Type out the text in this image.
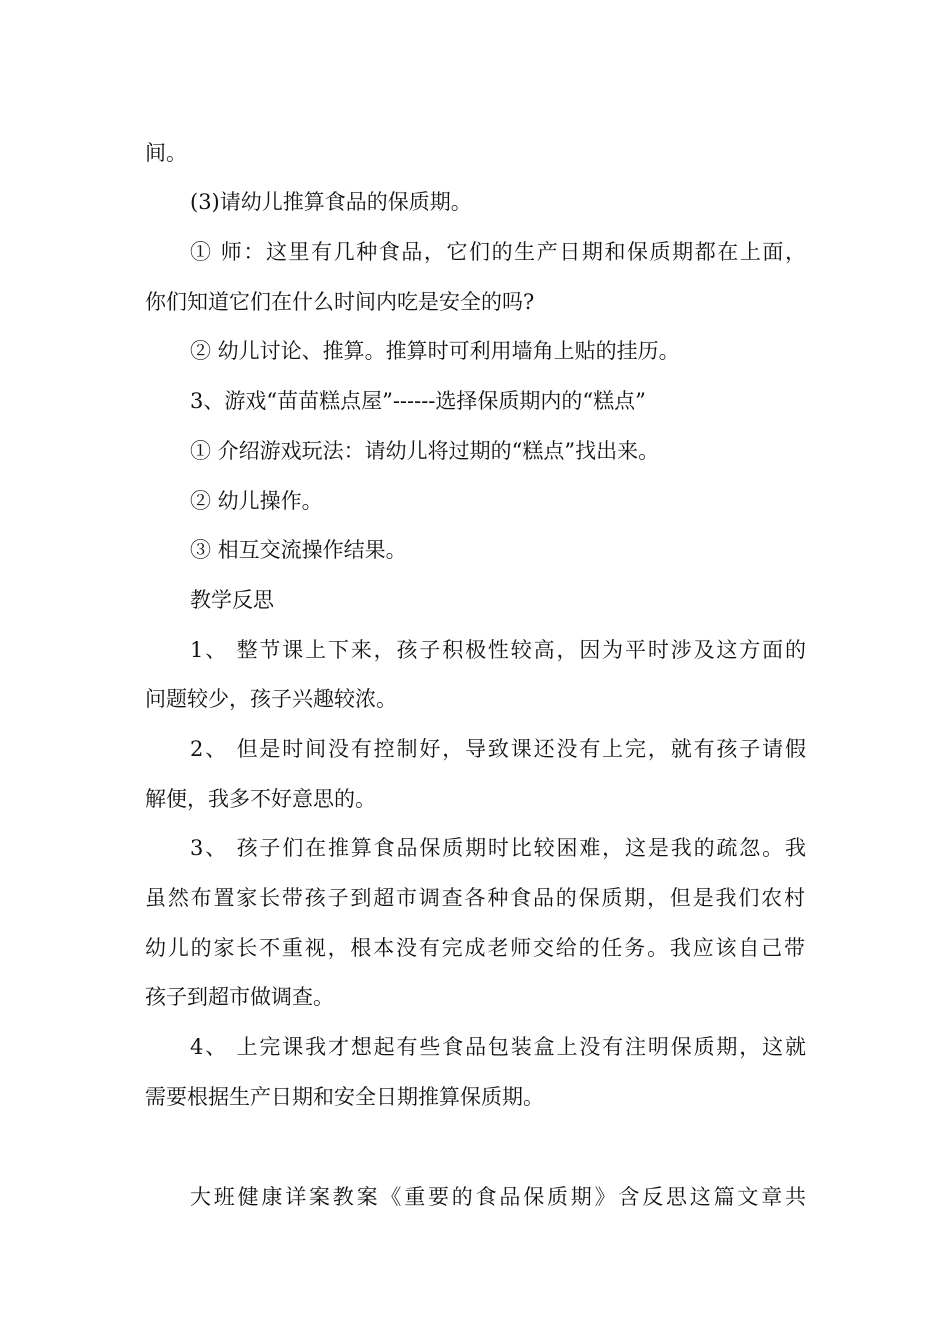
间。
(3)请幼儿推算食品的保质期。
① 师：这里有几种食品，它们的生产日期和保质期都在上面，
你们知道它们在什么时间内吃是安全的吗?
② 幼儿讨论、推算。推算时可利用墙角上贴的挂历。
3、游戏“苗苗糕点屋”------选择保质期内的“糕点”
① 介绍游戏玩法：请幼儿将过期的“糕点”找出来。
② 幼儿操作。
③ 相互交流操作结果。
教学反思
1、 整节课上下来，孩子积极性较高，因为平时涉及这方面的
问题较少，孩子兴趣较浓。
2、 但是时间没有控制好，导致课还没有上完，就有孩子请假
解便，我多不好意思的。
3、 孩子们在推算食品保质期时比较困难，这是我的疏忽。我
虽然布置家长带孩子到超市调查各种食品的保质期，但是我们农村
幼儿的家长不重视，根本没有完成老师交给的任务。我应该自己带
孩子到超市做调查。
4、 上完课我才想起有些食品包装盒上没有注明保质期，这就
需要根据生产日期和安全日期推算保质期。
大班健康详案教案《重要的食品保质期》含反思这篇文章共
